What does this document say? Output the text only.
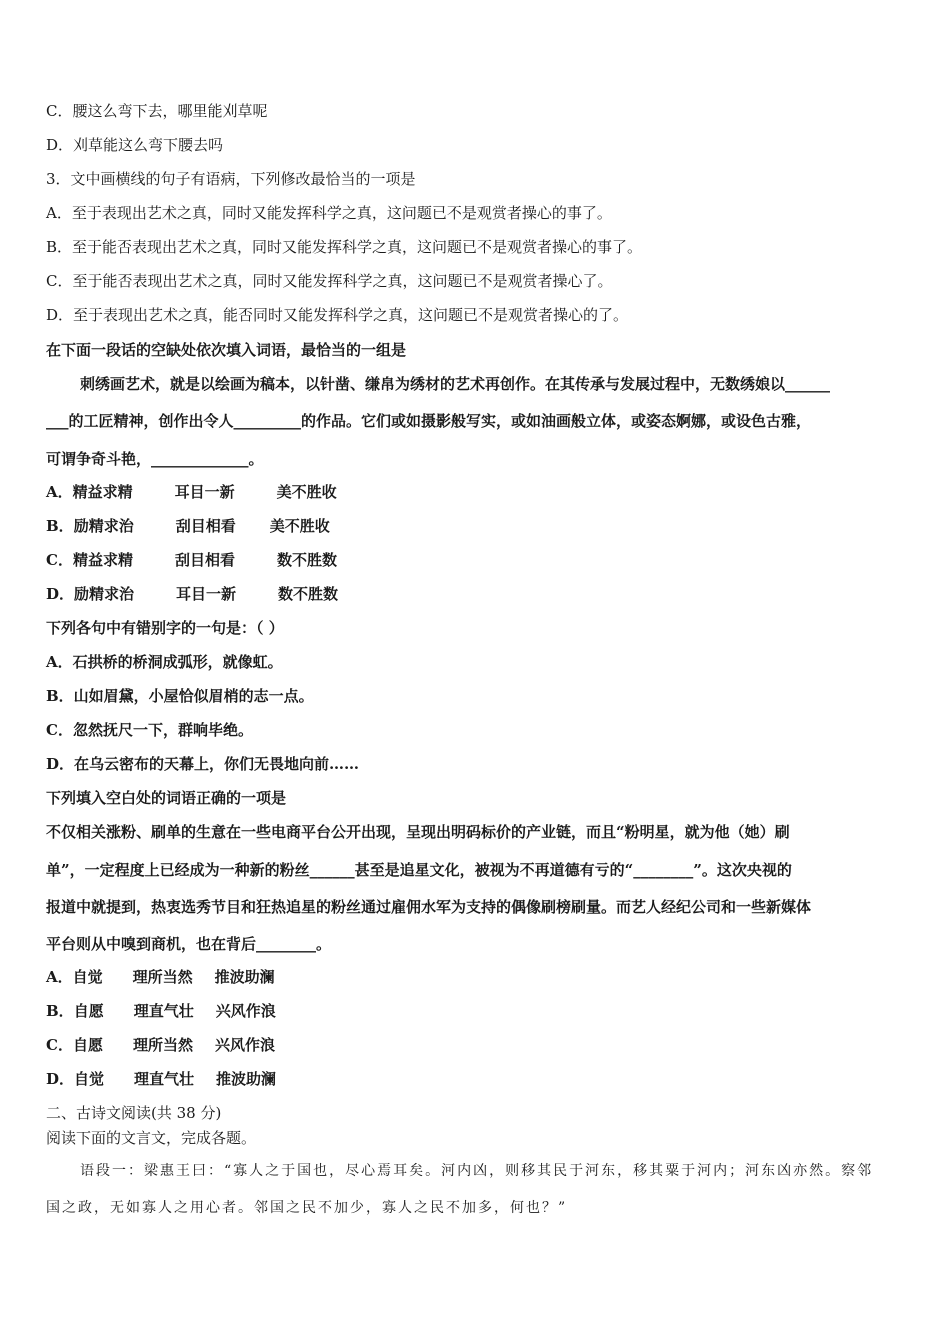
C．腰这么弯下去，哪里能刈草呢
D．刈草能这么弯下腰去吗
3．文中画横线的句子有语病，下列修改最恰当的一项是
A．至于表现出艺术之真，同时又能发挥科学之真，这问题已不是观赏者操心的事了。
B．至于能否表现出艺术之真，同时又能发挥科学之真，这问题已不是观赏者操心的事了。
C．至于能否表现出艺术之真，同时又能发挥科学之真，这问题已不是观赏者操心了。
D．至于表现出艺术之真，能否同时又能发挥科学之真，这问题已不是观赏者操心的了。
在下面一段话的空缺处依次填入词语，最恰当的一组是
刺绣画艺术，就是以绘画为稿本，以针凿、缣帛为绣材的艺术再创作。在其传承与发展过程中，无数绣娘以______
___的工匠精神，创作出令人_________的作品。它们或如摄影般写实，或如油画般立体，或姿态婀娜，或设色古雅，
可谓争奇斗艳，_____________。
A．精益求精	耳目一新	美不胜收
B．励精求治	刮目相看 美不胜收
C．精益求精	刮目相看	数不胜数
D．励精求治	耳目一新	数不胜数
下列各句中有错别字的一句是：（ ）
A．石拱桥的桥洞成弧形，就像虹。
B．山如眉黛，小屋恰似眉梢的志一点。
C．忽然抚尺一下，群响毕绝。
D．在乌云密布的天幕上，你们无畏地向前……
下列填入空白处的词语正确的一项是
不仅相关涨粉、刷单的生意在一些电商平台公开出现，呈现出明码标价的产业链，而且“粉明星，就为他（她）刷
单”，一定程度上已经成为一种新的粉丝______甚至是追星文化，被视为不再道德有亏的“________”。这次央视的
报道中就提到，热衷选秀节目和狂热追星的粉丝通过雇佣水军为支持的偶像刷榜刷量。而艺人经纪公司和一些新媒体
平台则从中嗅到商机，也在背后________。
A．自觉 理所当然 推波助澜
B．自愿 理直气壮 兴风作浪
C．自愿 理所当然 兴风作浪
D．自觉 理直气壮 推波助澜
二、古诗文阅读(共 38 分)
阅读下面的文言文，完成各题。
语段一：梁惠王曰：“寡人之于国也，尽心焉耳矣。河内凶，则移其民于河东，移其粟于河内；河东凶亦然。察邻
国之政，无如寡人之用心者。邻国之民不加少，寡人之民不加多，何也？”
